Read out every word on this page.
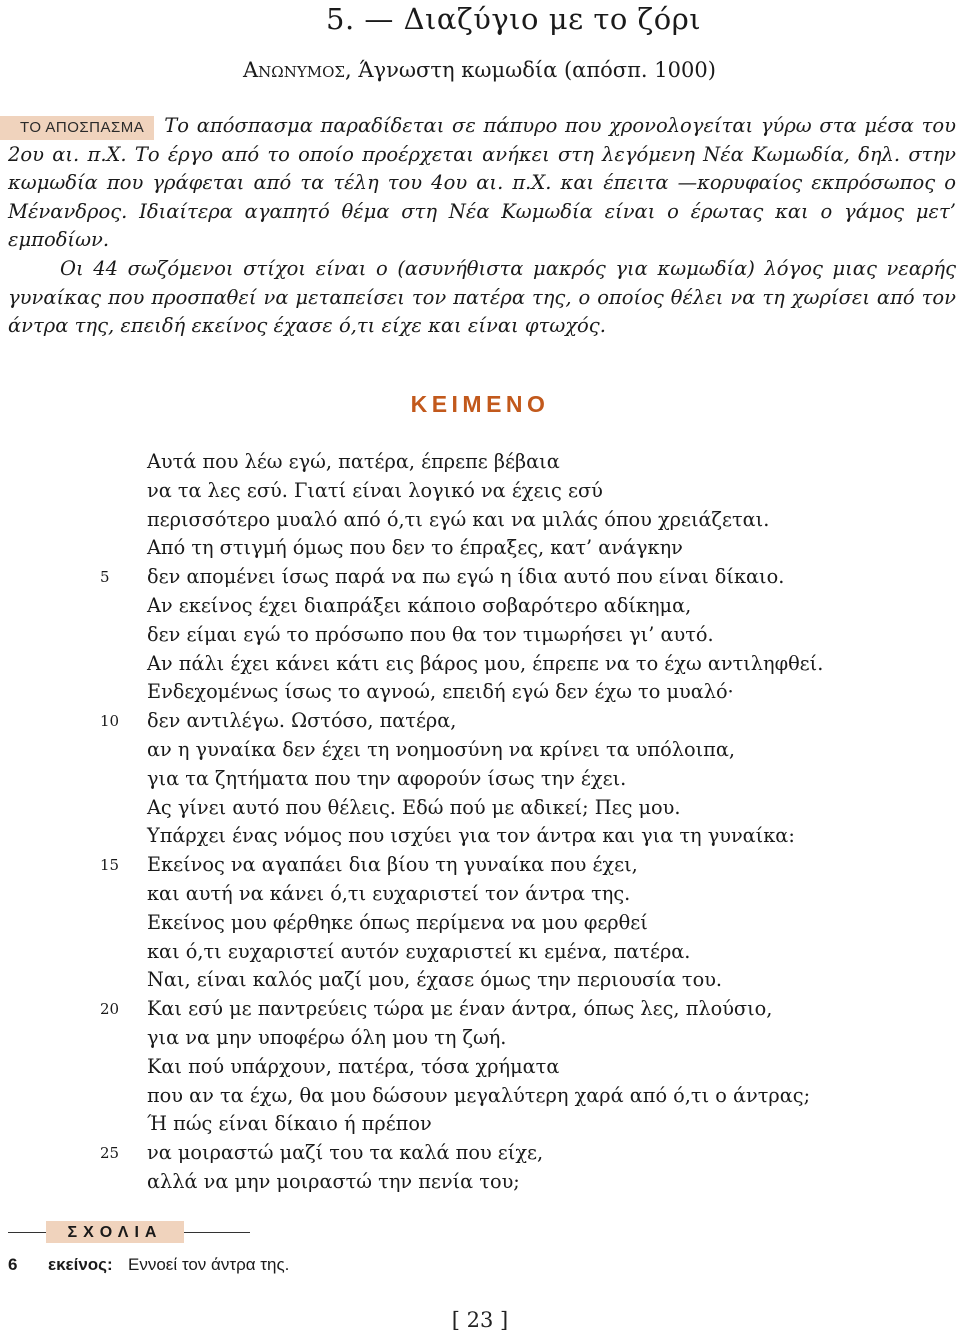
5. — Διαζύγιο με το ζόρι
Ανωνυμος, Άγνωστη κωμωδία (απόσπ. 1000)

ΤΟ ΑΠΟΣΠΑΣΜΑ Το απόσπασμα παραδίδεται σε πάπυρο που χρονολογείται γύρω στα μέσα του 2ου αι. π.Χ. Το έργο από το οποίο προέρχεται ανήκει στη λεγόμενη Νέα Κωμωδία, δηλ. στην κωμωδία που γράφεται από τα τέλη του 4ου αι. π.Χ. και έπειτα —κορυφαίος εκπρόσωπος ο Μένανδρος. Ιδιαίτερα αγαπητό θέμα στη Νέα Κωμωδία είναι ο έρωτας και ο γάμος μετ’ εμποδίων.

Οι 44 σωζόμενοι στίχοι είναι ο (ασυνήθιστα μακρός για κωμωδία) λόγος μιας νεαρής γυναίκας που προσπαθεί να μεταπείσει τον πατέρα της, ο οποίος θέλει να τη χωρίσει από τον άντρα της, επειδή εκείνος έχασε ό,τι είχε και είναι φτωχός.

ΚΕΙΜΕΝΟ
Αυτά που λέω εγώ, πατέρα, έπρεπε βέβαια
να τα λες εσύ. Γιατί είναι λογικό να έχεις εσύ
περισσότερο μυαλό από ό,τι εγώ και να μιλάς όπου χρειάζεται.
Από τη στιγμή όμως που δεν το έπραξες, κατ’ ανάγκην
5	δεν απομένει ίσως παρά να πω εγώ η ίδια αυτό που είναι δίκαιο.
Αν εκείνος έχει διαπράξει κάποιο σοβαρότερο αδίκημα,
δεν είμαι εγώ το πρόσωπο που θα τον τιμωρήσει γι’ αυτό.
Αν πάλι έχει κάνει κάτι εις βάρος μου, έπρεπε να το έχω αντιληφθεί.
Ενδεχομένως ίσως το αγνοώ, επειδή εγώ δεν έχω το μυαλό·
10	δεν αντιλέγω. Ωστόσο, πατέρα,
αν η γυναίκα δεν έχει τη νοημοσύνη να κρίνει τα υπόλοιπα,
για τα ζητήματα που την αφορούν ίσως την έχει.
Ας γίνει αυτό που θέλεις. Εδώ πού με αδικεί; Πες μου.
Υπάρχει ένας νόμος που ισχύει για τον άντρα και για τη γυναίκα:
15	Εκείνος να αγαπάει δια βίου τη γυναίκα που έχει,
και αυτή να κάνει ό,τι ευχαριστεί τον άντρα της.
Εκείνος μου φέρθηκε όπως περίμενα να μου φερθεί
και ό,τι ευχαριστεί αυτόν ευχαριστεί κι εμένα, πατέρα.
Ναι, είναι καλός μαζί μου, έχασε όμως την περιουσία του.
20	Και εσύ με παντρεύεις τώρα με έναν άντρα, όπως λες, πλούσιο,
για να μην υποφέρω όλη μου τη ζωή.
Και πού υπάρχουν, πατέρα, τόσα χρήματα
που αν τα έχω, θα μου δώσουν μεγαλύτερη χαρά από ό,τι ο άντρας;
Ή πώς είναι δίκαιο ή πρέπον
25	να μοιραστώ μαζί του τα καλά που είχε,
αλλά να μην μοιραστώ την πενία του;
ΣΧΟΛΙΑ
6 εκείνος: Εννοεί τον άντρα της.
[ 23 ]
